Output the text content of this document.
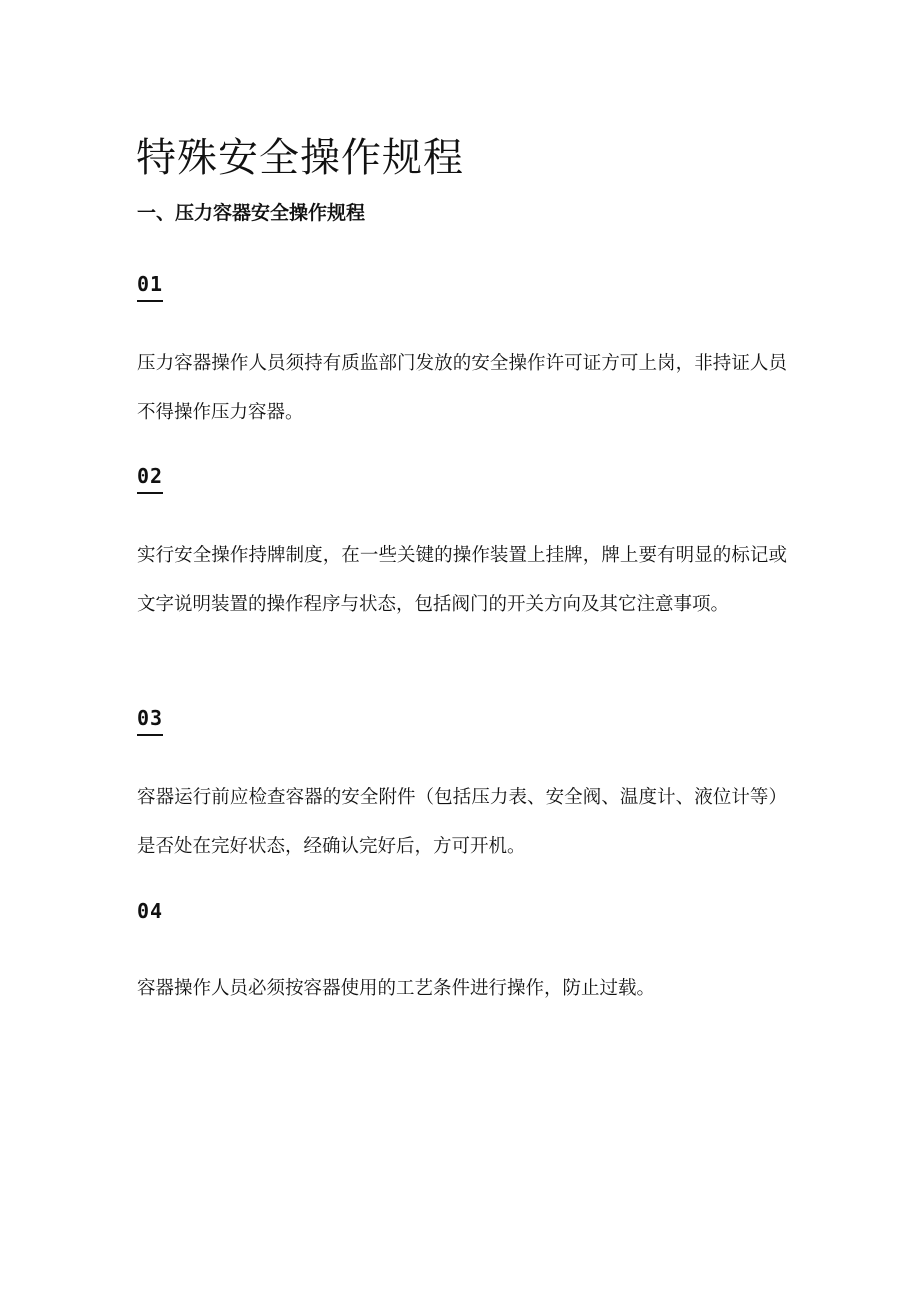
特殊安全操作规程
一、压力容器安全操作规程
01

压力容器操作人员须持有质监部门发放的安全操作许可证方可上岗，非持证人员不得操作压力容器。

02

实行安全操作持牌制度，在一些关键的操作装置上挂牌，牌上要有明显的标记或文字说明装置的操作程序与状态，包括阀门的开关方向及其它注意事项。

03

容器运行前应检查容器的安全附件（包括压力表、安全阀、温度计、液位计等）是否处在完好状态，经确认完好后，方可开机。

04

容器操作人员必须按容器使用的工艺条件进行操作，防止过载。
